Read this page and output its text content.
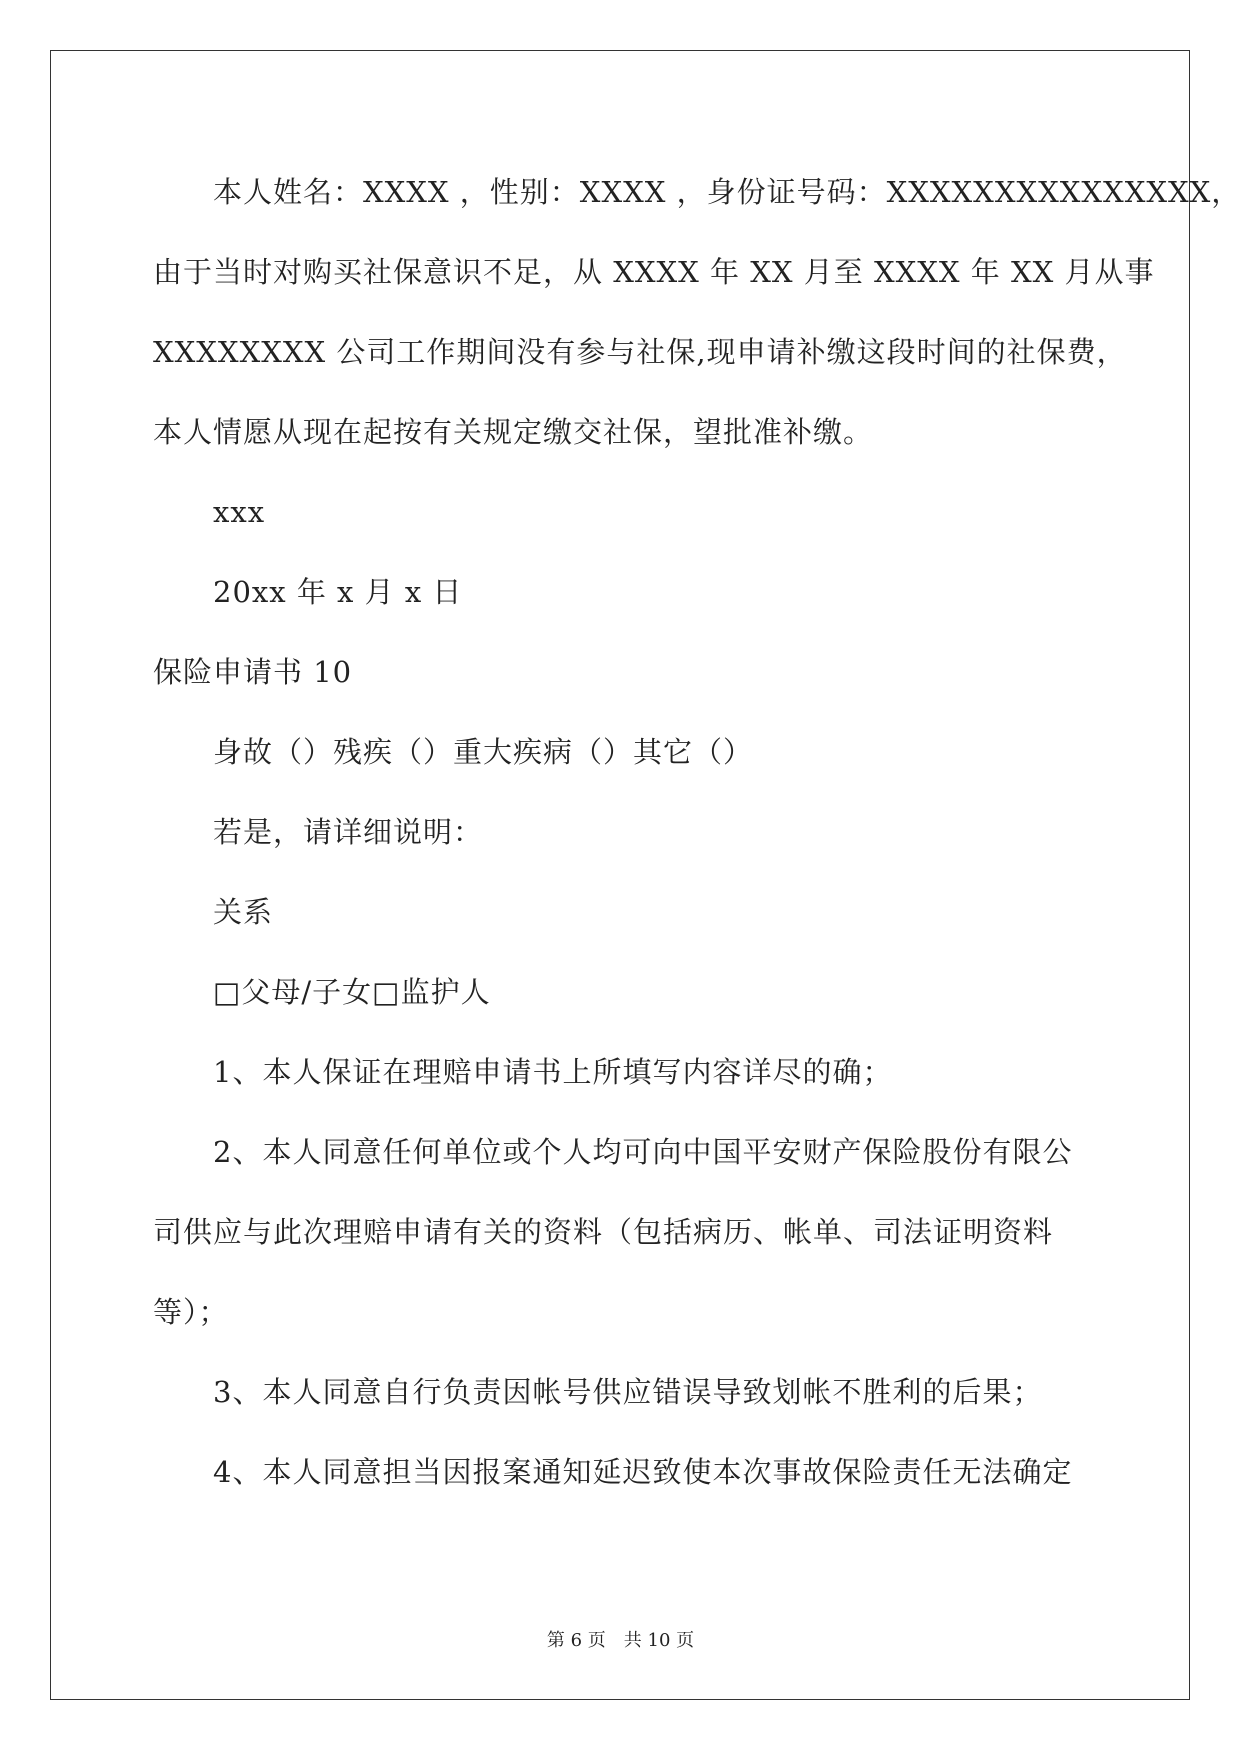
本人姓名：XXXX ，性别：XXXX ，身份证号码：XXXXXXXXXXXXXXX，
由于当时对购买社保意识不足，从 XXXX 年 XX 月至 XXXX 年 XX 月从事
XXXXXXXX 公司工作期间没有参与社保,现申请补缴这段时间的社保费，
本人情愿从现在起按有关规定缴交社保，望批准补缴。
xxx
20xx 年 x 月 x 日
保险申请书 10
身故（）残疾（）重大疾病（）其它（）
若是，请详细说明：
关系
□父母/子女□监护人
1、本人保证在理赔申请书上所填写内容详尽的确；
2、本人同意任何单位或个人均可向中国平安财产保险股份有限公
司供应与此次理赔申请有关的资料（包括病历、帐单、司法证明资料
等）；
3、本人同意自行负责因帐号供应错误导致划帐不胜利的后果；
4、本人同意担当因报案通知延迟致使本次事故保险责任无法确定
第 6 页　共 10 页
